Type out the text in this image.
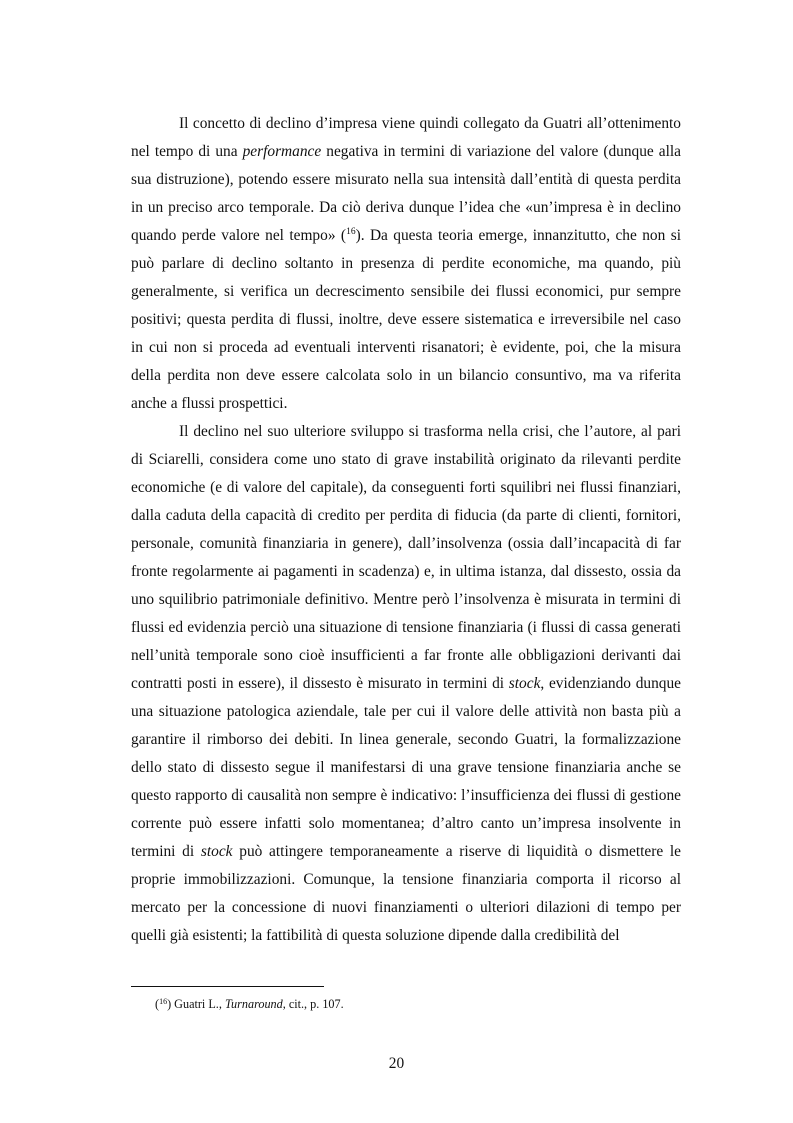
Il concetto di declino d’impresa viene quindi collegato da Guatri all’ottenimento nel tempo di una performance negativa in termini di variazione del valore (dunque alla sua distruzione), potendo essere misurato nella sua intensità dall’entità di questa perdita in un preciso arco temporale. Da ciò deriva dunque l’idea che «un’impresa è in declino quando perde valore nel tempo» ($^{16}$). Da questa teoria emerge, innanzitutto, che non si può parlare di declino soltanto in presenza di perdite economiche, ma quando, più generalmente, si verifica un decrescimento sensibile dei flussi economici, pur sempre positivi; questa perdita di flussi, inoltre, deve essere sistematica e irreversibile nel caso in cui non si proceda ad eventuali interventi risanatori; è evidente, poi, che la misura della perdita non deve essere calcolata solo in un bilancio consuntivo, ma va riferita anche a flussi prospettici.

Il declino nel suo ulteriore sviluppo si trasforma nella crisi, che l’autore, al pari di Sciarelli, considera come uno stato di grave instabilità originato da rilevanti perdite economiche (e di valore del capitale), da conseguenti forti squilibri nei flussi finanziari, dalla caduta della capacità di credito per perdita di fiducia (da parte di clienti, fornitori, personale, comunità finanziaria in genere), dall’insolvenza (ossia dall’incapacità di far fronte regolarmente ai pagamenti in scadenza) e, in ultima istanza, dal dissesto, ossia da uno squilibrio patrimoniale definitivo. Mentre però l’insolvenza è misurata in termini di flussi ed evidenzia perciò una situazione di tensione finanziaria (i flussi di cassa generati nell’unità temporale sono cioè insufficienti a far fronte alle obbligazioni derivanti dai contratti posti in essere), il dissesto è misurato in termini di stock, evidenziando dunque una situazione patologica aziendale, tale per cui il valore delle attività non basta più a garantire il rimborso dei debiti. In linea generale, secondo Guatri, la formalizzazione dello stato di dissesto segue il manifestarsi di una grave tensione finanziaria anche se questo rapporto di causalità non sempre è indicativo: l’insufficienza dei flussi di gestione corrente può essere infatti solo momentanea; d’altro canto un’impresa insolvente in termini di stock può attingere temporaneamente a riserve di liquidità o dismettere le proprie immobilizzazioni. Comunque, la tensione finanziaria comporta il ricorso al mercato per la concessione di nuovi finanziamenti o ulteriori dilazioni di tempo per quelli già esistenti; la fattibilità di questa soluzione dipende dalla credibilità del

($^{16}$) Guatri L., Turnaround, cit., p. 107.
20
